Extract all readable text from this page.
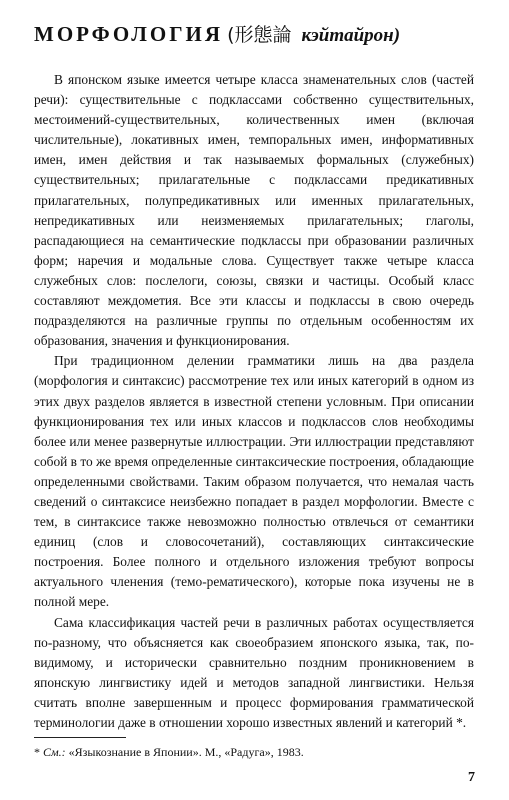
МОРФОЛОГИЯ (形態論 кэйтайрон)

В японском языке имеется четыре класса знаменательных слов (частей речи): существительные с подклассами собственно существительных, местоимений-существительных, количественных имен (включая числительные), локативных имен, темпоральных имен, информативных имен, имен действия и так называемых формальных (служебных) существительных; прилагательные с подклассами предикативных прилагательных, полупредикативных или именных прилагательных, непредикативных или неизменяемых прилагательных; глаголы, распадающиеся на семантические подклассы при образовании различных форм; наречия и модальные слова. Существует также четыре класса служебных слов: послелоги, союзы, связки и частицы. Особый класс составляют междометия. Все эти классы и подклассы в свою очередь подразделяются на различные группы по отдельным особенностям их образования, значения и функционирования.

При традиционном делении грамматики лишь на два раздела (морфология и синтаксис) рассмотрение тех или иных категорий в одном из этих двух разделов является в известной степени условным. При описании функционирования тех или иных классов и подклассов слов необходимы более или менее развернутые иллюстрации. Эти иллюстрации представляют собой в то же время определенные синтаксические построения, обладающие определенными свойствами. Таким образом получается, что немалая часть сведений о синтаксисе неизбежно попадает в раздел морфологии. Вместе с тем, в синтаксисе также невозможно полностью отвлечься от семантики единиц (слов и словосочетаний), составляющих синтаксические построения. Более полного и отдельного изложения требуют вопросы актуального членения (темо-рематического), которые пока изучены не в полной мере.

Сама классификация частей речи в различных работах осуществляется по-разному, что объясняется как своеобразием японского языка, так, по-видимому, и исторически сравнительно поздним проникновением в японскую лингвистику идей и методов западной лингвистики. Нельзя считать вполне завершенным и процесс формирования грамматической терминологии даже в отношении хорошо известных явлений и категорий *.

* См.: «Языкознание в Японии». М., «Радуга», 1983.
7
